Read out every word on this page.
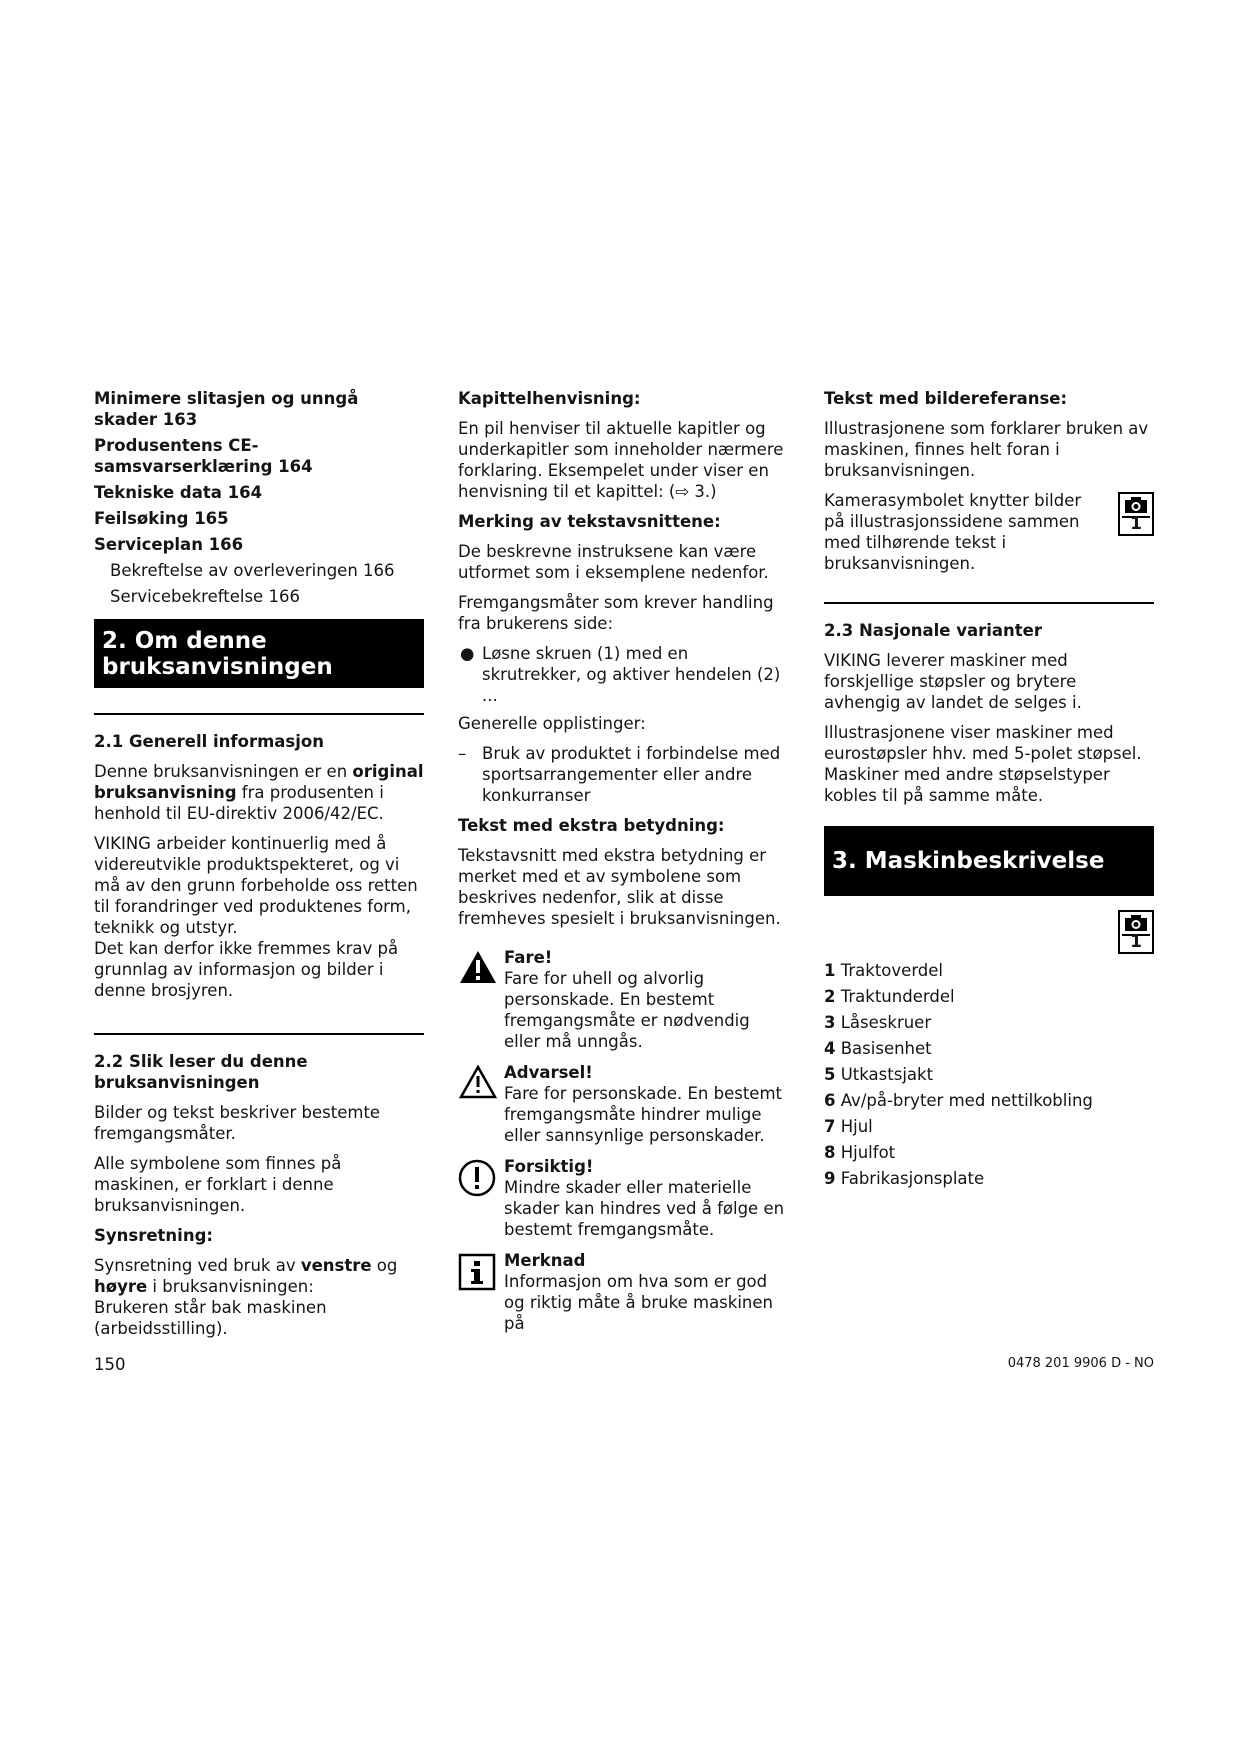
Minimere slitasjen og unngå skader 163

Produsentens CE-samsvarserklæring 164

Tekniske data 164

Feilsøking 165

Serviceplan 166

Bekreftelse av overleveringen 166

Servicebekreftelse 166

2. Om denne bruksanvisningen

2.1 Generell informasjon

Denne bruksanvisningen er en original bruksanvisning fra produsenten i henhold til EU-direktiv 2006/42/EC.

VIKING arbeider kontinuerlig med å videreutvikle produktspekteret, og vi må av den grunn forbeholde oss retten til forandringer ved produktenes form, teknikk og utstyr.

Det kan derfor ikke fremmes krav på grunnlag av informasjon og bilder i denne brosjyren.

2.2 Slik leser du denne bruksanvisningen

Bilder og tekst beskriver bestemte fremgangsmåter.

Alle symbolene som finnes på maskinen, er forklart i denne bruksanvisningen.

Synsretning:

Synsretning ved bruk av venstre og høyre i bruksanvisningen:

Brukeren står bak maskinen (arbeidsstilling).

Kapittelhenvisning:

En pil henviser til aktuelle kapitler og underkapitler som inneholder nærmere forklaring. Eksempelet under viser en henvisning til et kapittel: (⇨ 3.)

Merking av tekstavsnittene:

De beskrevne instruksene kan være utformet som i eksemplene nedenfor.

Fremgangsmåter som krever handling fra brukerens side:

● Løsne skruen (1) med en skrutrekker, og aktiver hendelen (2) ...

Generelle opplistinger:

– Bruk av produktet i forbindelse med sportsarrangementer eller andre konkurranser

Tekst med ekstra betydning:

Tekstavsnitt med ekstra betydning er merket med et av symbolene som beskrives nedenfor, slik at disse fremheves spesielt i bruksanvisningen.

Fare!
Fare for uhell og alvorlig personskade. En bestemt fremgangsmåte er nødvendig eller må unngås.
Advarsel!
Fare for personskade. En bestemt fremgangsmåte hindrer mulige eller sannsynlige personskader.
Forsiktig!
Mindre skader eller materielle skader kan hindres ved å følge en bestemt fremgangsmåte.
Merknad
Informasjon om hva som er god og riktig måte å bruke maskinen på

Tekst med bildereferanse:

Illustrasjonene som forklarer bruken av maskinen, finnes helt foran i bruksanvisningen.

Kamerasymbolet knytter bilder på illustrasjonssidene sammen med tilhørende tekst i bruksanvisningen.

1

2.3 Nasjonale varianter

VIKING leverer maskiner med forskjellige støpsler og brytere avhengig av landet de selges i.

Illustrasjonene viser maskiner med eurostøpsler hhv. med 5-polet støpsel. Maskiner med andre støpselstyper kobles til på samme måte.

3. Maskinbeskrivelse
1

1 Traktoverdel

2 Traktunderdel

3 Låseskruer

4 Basisenhet

5 Utkastsjakt

6 Av/på-bryter med nettilkobling

7 Hjul

8 Hjulfot

9 Fabrikasjonsplate

150	0478 201 9906 D - NO
